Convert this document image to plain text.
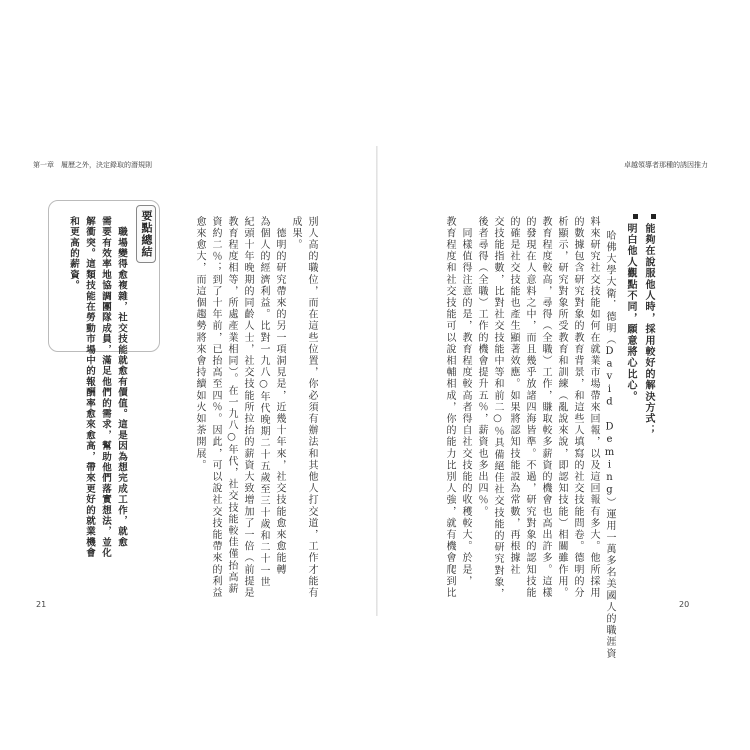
第一章　履歷之外，決定錄取的潛規則	卓越領導者那種的誘因推力
能夠在說服他人時，採用較好的解決方式；
明白他人觀點不同，願意將心比心。
哈佛大學大衛．德明（David Deming）運用一萬多名美國人的職涯資
料來研究社交技能如何在就業市場帶來回報，以及這回報有多大。他所採用
的數據包含研究對象的教育背景，和這些人填寫的社交技能問卷。德明的分
析顯示，研究對象所受教育和訓練（亂說來說，即認知技能）相關雖作用。
教育程度較高，尋得（全職）工作，賺取較多薪資的機會也高出許多。這樣
的發現在人意料之中，而且幾乎放諸四海皆準。不過，研究對象的認知技能
的確是社交技能也產生顯著效應。如果將認知技能設為常數，再根據社
交技能指數，比對社交技能中等和前二○％具備絕佳社交技能的研究對象，
後者尋得（全職）工作的機會提升五％，薪資也多出四％。
　同樣值得注意的是，教育程度較高者得自社交技能的收穫較大。於是，
教育程度和社交技能可以說相輔相成，你的能力比別人強，就有機會爬到比
別人高的職位，而在這些位置，你必須有辦法和其他人打交道，工作才能有
成果。
　德明的研究帶來的另一項洞見是，近幾十年來，社交技能愈來愈能轉
為個人的經濟利益。比對一九八○年代晚期二十五歲至三十歲和二十一世
紀頭十年晚期的同齡人士，社交技能所拉抬的薪資大致增加了一倍（前提是
教育程度相等，所處產業相同）。在一九八○年代，社交技能較佳僅抬高薪
資約二％；到了十年前，已抬高至四％。因此，可以說社交技能帶來的利益
愈來愈大，而這個趨勢將來會持續如火如荼開展。
要點總結
　職場變得愈複雜，社交技能就愈有價值。這是因為想完成工作，就愈
需要有效率地協調團隊成員，滿足他們的需求，幫助他們落實想法，並化
解衝突。這類技能在勞動市場中的報酬率愈來愈高，帶來更好的就業機會
和更高的薪資。
21	20
